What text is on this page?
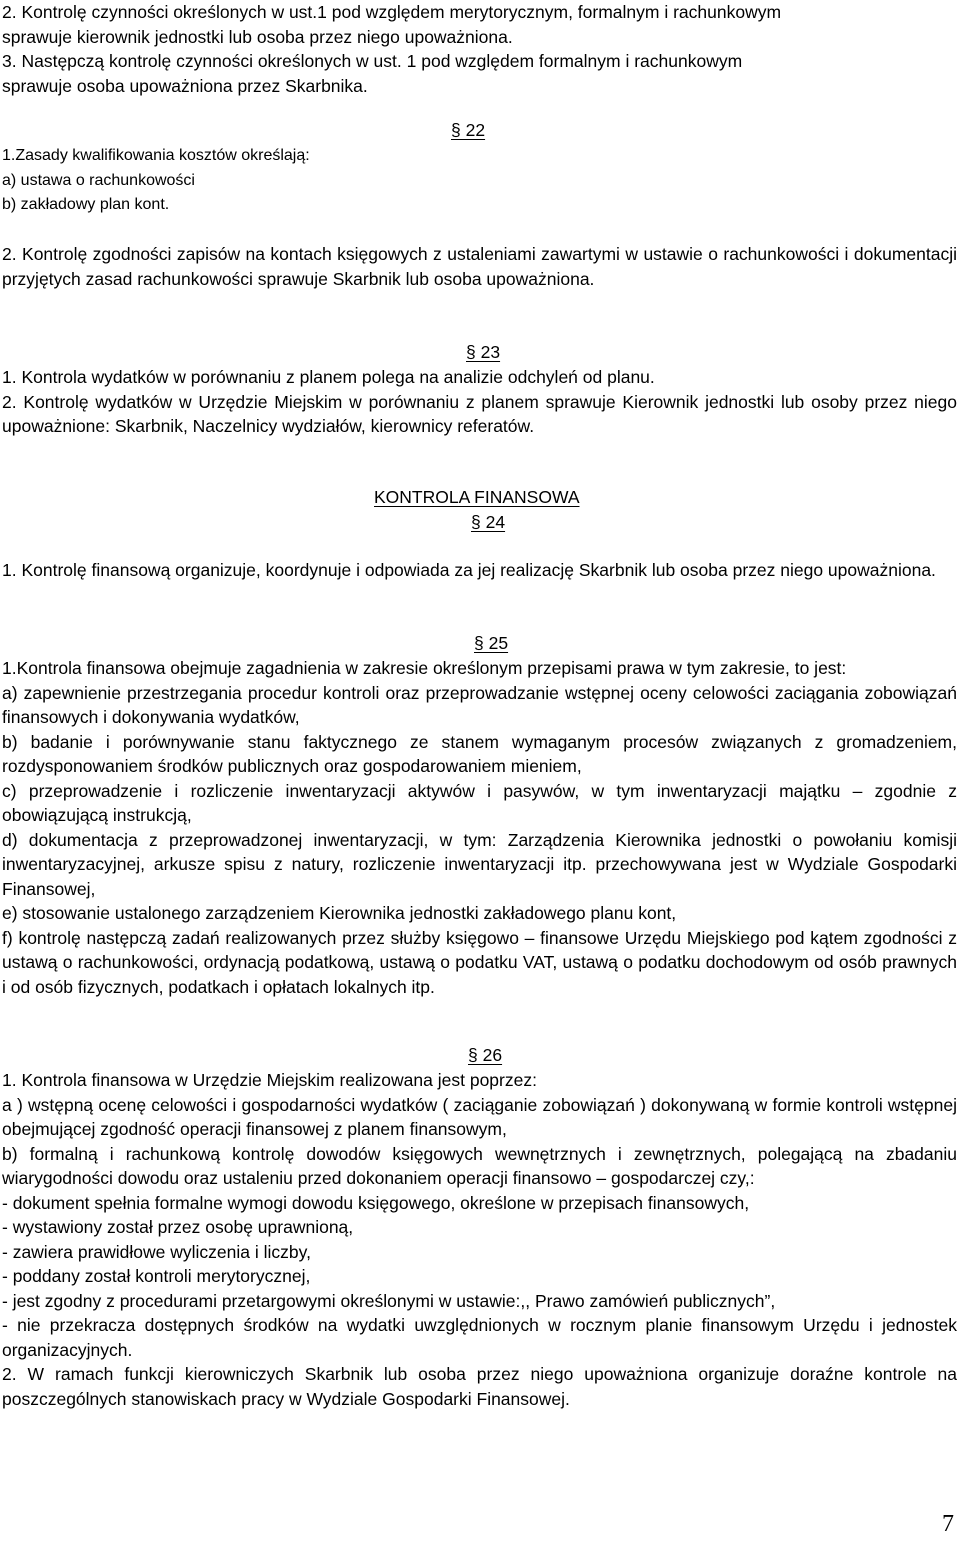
2. Kontrolę czynności określonych w ust.1 pod względem merytorycznym, formalnym i rachunkowym
sprawuje kierownik jednostki lub osoba przez niego upoważniona.
3. Następczą kontrolę czynności określonych w ust. 1 pod względem formalnym i rachunkowym
sprawuje osoba upoważniona przez Skarbnika.
§ 22
1.Zasady kwalifikowania kosztów określają:
a) ustawa o rachunkowości
b) zakładowy plan kont.
2. Kontrolę zgodności zapisów na kontach księgowych z ustaleniami zawartymi w ustawie o rachunkowości i dokumentacji przyjętych zasad rachunkowości sprawuje Skarbnik lub osoba upoważniona.
§ 23
1. Kontrola wydatków w porównaniu z planem polega na analizie odchyleń od planu.
2. Kontrolę wydatków w Urzędzie Miejskim w porównaniu z planem sprawuje Kierownik jednostki lub osoby przez niego upoważnione: Skarbnik, Naczelnicy wydziałów, kierownicy referatów.
KONTROLA FINANSOWA
§ 24
1. Kontrolę finansową organizuje, koordynuje i odpowiada za jej realizację Skarbnik lub osoba przez niego upoważniona.
§ 25
1.Kontrola finansowa obejmuje zagadnienia w zakresie określonym przepisami prawa w tym zakresie, to jest:
a) zapewnienie przestrzegania procedur kontroli oraz przeprowadzanie wstępnej oceny celowości zaciągania zobowiązań finansowych i dokonywania wydatków,
b) badanie i porównywanie stanu faktycznego ze stanem wymaganym procesów związanych z gromadzeniem, rozdysponowaniem środków publicznych oraz gospodarowaniem mieniem,
c) przeprowadzenie i rozliczenie inwentaryzacji aktywów i pasywów, w tym inwentaryzacji majątku – zgodnie z obowiązującą instrukcją,
d) dokumentacja z przeprowadzonej inwentaryzacji, w tym: Zarządzenia Kierownika jednostki o powołaniu komisji inwentaryzacyjnej, arkusze spisu z natury, rozliczenie inwentaryzacji itp. przechowywana jest w Wydziale Gospodarki Finansowej,
e) stosowanie ustalonego zarządzeniem Kierownika jednostki zakładowego planu kont,
f) kontrolę następczą zadań realizowanych przez służby księgowo – finansowe Urzędu Miejskiego pod kątem zgodności z ustawą o rachunkowości, ordynacją podatkową, ustawą o podatku VAT, ustawą o podatku dochodowym od osób prawnych i od osób fizycznych, podatkach i opłatach lokalnych itp.
§ 26
1. Kontrola finansowa w Urzędzie Miejskim realizowana jest poprzez:
a ) wstępną ocenę celowości i gospodarności wydatków ( zaciąganie zobowiązań ) dokonywaną w formie kontroli wstępnej obejmującej zgodność operacji finansowej z planem finansowym,
b) formalną i rachunkową kontrolę dowodów księgowych wewnętrznych i zewnętrznych, polegającą na zbadaniu wiarygodności dowodu oraz ustaleniu przed dokonaniem operacji finansowo – gospodarczej czy,:
- dokument spełnia formalne wymogi dowodu księgowego, określone w przepisach finansowych,
- wystawiony został przez osobę uprawnioną,
- zawiera prawidłowe wyliczenia i liczby,
- poddany został kontroli merytorycznej,
- jest zgodny z procedurami przetargowymi określonymi w ustawie:,, Prawo zamówień publicznych”,
- nie przekracza dostępnych środków na wydatki uwzględnionych w rocznym planie finansowym Urzędu i jednostek organizacyjnych.
2. W ramach funkcji kierowniczych Skarbnik lub osoba przez niego upoważniona organizuje doraźne kontrole na poszczególnych stanowiskach pracy w Wydziale Gospodarki Finansowej.
7
